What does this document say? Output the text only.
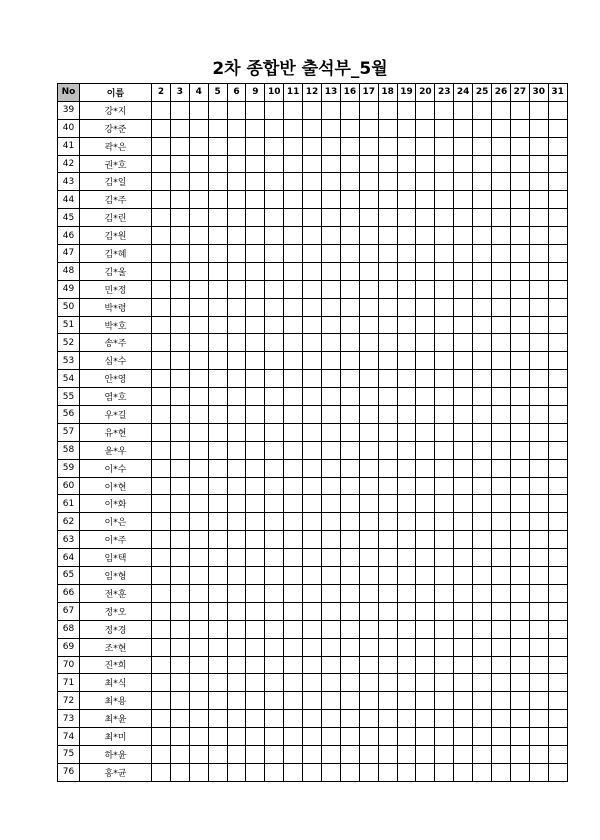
2차 종합반 출석부_5월
No	이름	2	3	4	5	6	9	10	11	12	13	16	17	18	19	20	23	24	25	26	27	30	31
39	강*지																						
40	강*준																						
41	곽*은																						
42	권*호																						
43	김*일																						
44	김*주																						
45	김*린																						
46	김*원																						
47	김*혜																						
48	김*울																						
49	민*정																						
50	박*령																						
51	박*호																						
52	송*주																						
53	심*수																						
54	안*영																						
55	염*호																						
56	우*길																						
57	유*현																						
58	윤*우																						
59	이*수																						
60	이*현																						
61	이*화																						
62	이*은																						
63	이*주																						
64	임*택																						
65	임*형																						
66	전*훈																						
67	정*오																						
68	정*경																						
69	조*현																						
70	진*희																						
71	최*식																						
72	최*용																						
73	최*윤																						
74	최*미																						
75	하*윤																						
76	홍*균																						
